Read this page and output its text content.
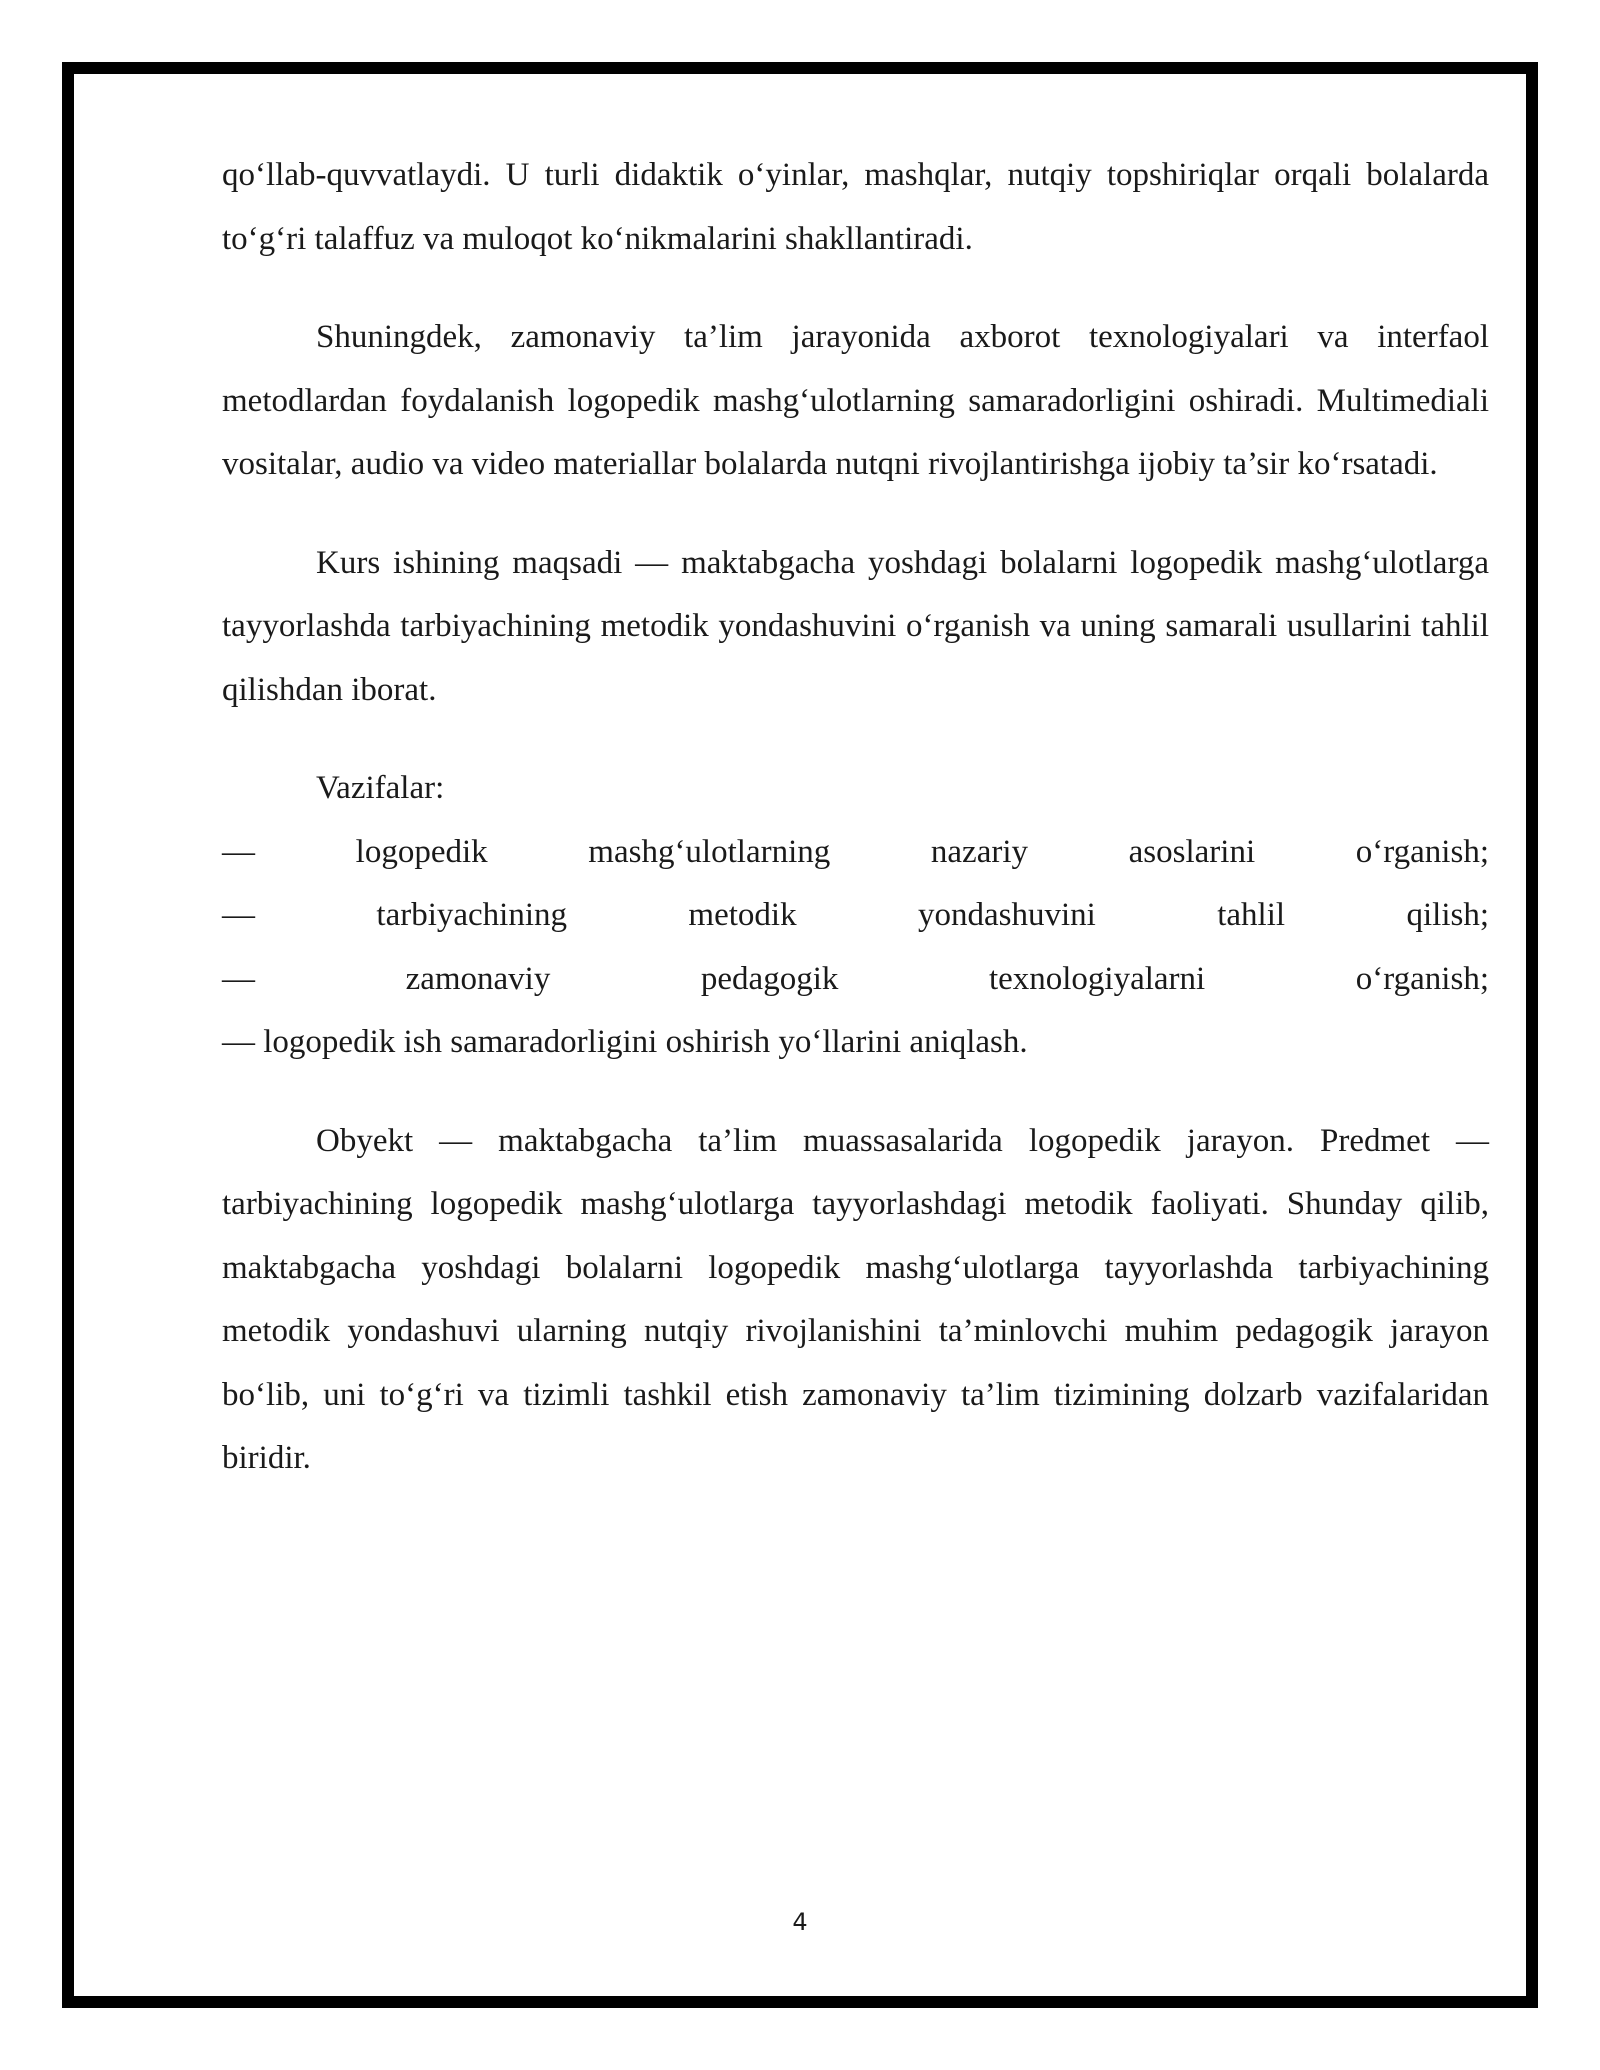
qo‘llab-quvvatlaydi. U turli didaktik o‘yinlar, mashqlar, nutqiy topshiriqlar orqali bolalarda to‘g‘ri talaffuz va muloqot ko‘nikmalarini shakllantiradi.

Shuningdek, zamonaviy ta’lim jarayonida axborot texnologiyalari va interfaol metodlardan foydalanish logopedik mashg‘ulotlarning samaradorligini oshiradi. Multimediali vositalar, audio va video materiallar bolalarda nutqni rivojlantirishga ijobiy ta’sir ko‘rsatadi.

Kurs ishining maqsadi — maktabgacha yoshdagi bolalarni logopedik mashg‘ulotlarga tayyorlashda tarbiyachining metodik yondashuvini o‘rganish va uning samarali usullarini tahlil qilishdan iborat.

Vazifalar:

— logopedik mashg‘ulotlarning nazariy asoslarini o‘rganish;

— tarbiyachining metodik yondashuvini tahlil qilish;

— zamonaviy pedagogik texnologiyalarni o‘rganish;

— logopedik ish samaradorligini oshirish yo‘llarini aniqlash.

Obyekt — maktabgacha ta’lim muassasalarida logopedik jarayon. Predmet — tarbiyachining logopedik mashg‘ulotlarga tayyorlashdagi metodik faoliyati. Shunday qilib, maktabgacha yoshdagi bolalarni logopedik mashg‘ulotlarga tayyorlashda tarbiyachining metodik yondashuvi ularning nutqiy rivojlanishini ta’minlovchi muhim pedagogik jarayon bo‘lib, uni to‘g‘ri va tizimli tashkil etish zamonaviy ta’lim tizimining dolzarb vazifalaridan biridir.

4
